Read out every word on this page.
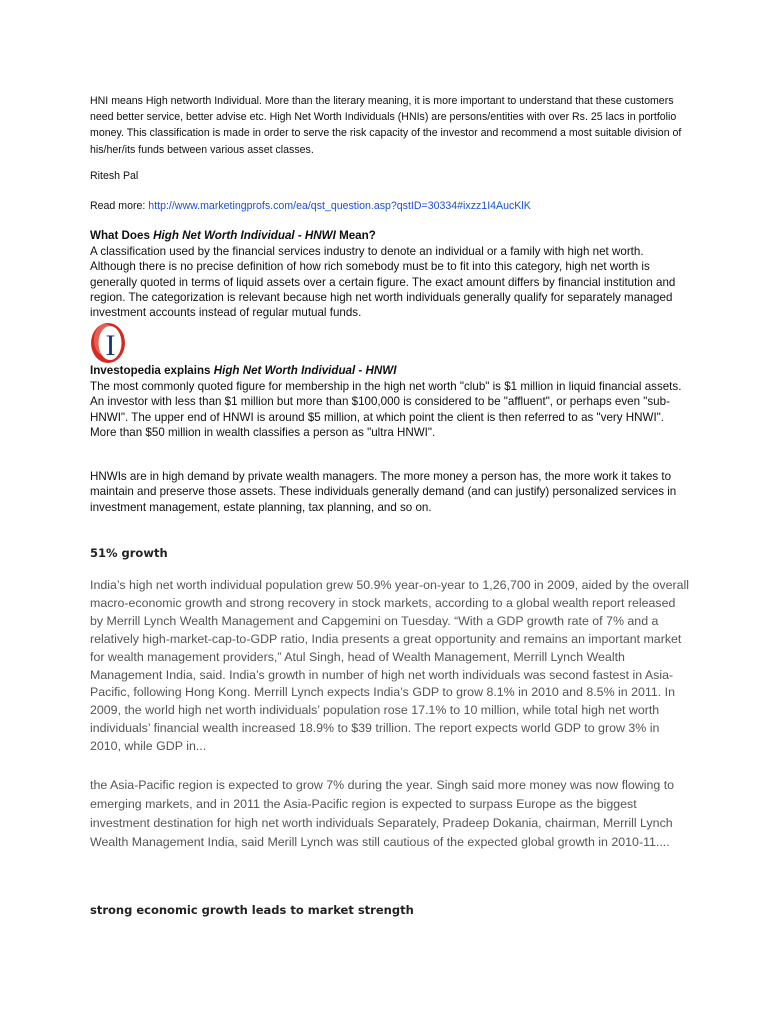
HNI means High networth Individual. More than the literary meaning, it is more important to understand that these customers need better service, better advise etc. High Net Worth Individuals (HNIs) are persons/entities with over Rs. 25 lacs in portfolio money. This classification is made in order to serve the risk capacity of the investor and recommend a most suitable division of his/her/its funds between various asset classes.

Ritesh Pal

Read more: http://www.marketingprofs.com/ea/qst_question.asp?qstID=30334#ixzz1I4AucKlK

What Does High Net Worth Individual - HNWI Mean?

A classification used by the financial services industry to denote an individual or a family with high net worth. Although there is no precise definition of how rich somebody must be to fit into this category, high net worth is generally quoted in terms of liquid assets over a certain figure. The exact amount differs by financial institution and region. The categorization is relevant because high net worth individuals generally qualify for separately managed investment accounts instead of regular mutual funds.

I

Investopedia explains High Net Worth Individual - HNWI

The most commonly quoted figure for membership in the high net worth "club" is $1 million in liquid financial assets. An investor with less than $1 million but more than $100,000 is considered to be "affluent", or perhaps even "sub-HNWI". The upper end of HNWI is around $5 million, at which point the client is then referred to as "very HNWI". More than $50 million in wealth classifies a person as "ultra HNWI".

HNWIs are in high demand by private wealth managers. The more money a person has, the more work it takes to maintain and preserve those assets. These individuals generally demand (and can justify) personalized services in investment management, estate planning, tax planning, and so on.

51% growth

India’s high net worth individual population grew 50.9% year-on-year to 1,26,700 in 2009, aided by the overall macro-economic growth and strong recovery in stock markets, according to a global wealth report released by Merrill Lynch Wealth Management and Capgemini on Tuesday. “With a GDP growth rate of 7% and a relatively high-market-cap-to-GDP ratio, India presents a great opportunity and remains an important market for wealth management providers,” Atul Singh, head of Wealth Management, Merrill Lynch Wealth Management India, said. India’s growth in number of high net worth individuals was second fastest in Asia-Pacific, following Hong Kong. Merrill Lynch expects India’s GDP to grow 8.1% in 2010 and 8.5% in 2011. In 2009, the world high net worth individuals’ population rose 17.1% to 10 million, while total high net worth individuals’ financial wealth increased 18.9% to $39 trillion. The report expects world GDP to grow 3% in 2010, while GDP in...

the Asia-Pacific region is expected to grow 7% during the year. Singh said more money was now flowing to emerging markets, and in 2011 the Asia-Pacific region is expected to surpass Europe as the biggest investment destination for high net worth individuals Separately, Pradeep Dokania, chairman, Merrill Lynch Wealth Management India, said Merill Lynch was still cautious of the expected global growth in 2010-11....

strong economic growth leads to market strength
